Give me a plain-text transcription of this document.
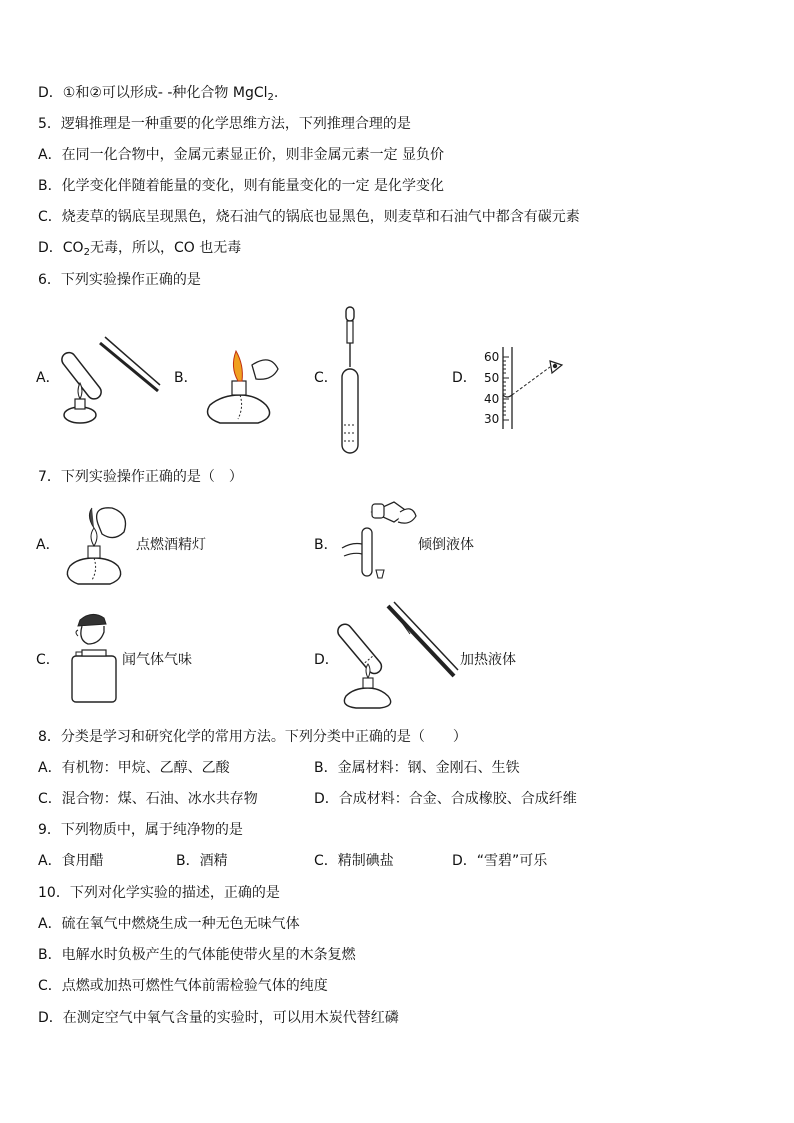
D．①和②可以形成- -种化合物 MgCl$_2$.
5．逻辑推理是一种重要的化学思维方法，下列推理合理的是
A．在同一化合物中，金属元素显正价，则非金属元素一定 显负价
B．化学变化伴随着能量的变化，则有能量变化的一定 是化学变化
C．烧麦草的锅底呈现黑色，烧石油气的锅底也显黑色，则麦草和石油气中都含有碳元素
D．$CO_2$无毒，所以，CO 也无毒
6．下列实验操作正确的是
A．	B．	C．	D．
60
50
40
30
7．下列实验操作正确的是（　）
A．	点燃酒精灯	B．	倾倒液体
C．	闻气体气味	D．	加热液体
8．分类是学习和研究化学的常用方法。下列分类中正确的是（　　）
A．有机物：甲烷、乙醇、乙酸	B．金属材料：钢、金刚石、生铁
C．混合物：煤、石油、冰水共存物	D．合成材料：合金、合成橡胶、合成纤维
9．下列物质中，属于纯净物的是
A．食用醋	B．酒精	C．精制碘盐	D．“雪碧”可乐
10．下列对化学实验的描述，正确的是
A．硫在氧气中燃烧生成一种无色无味气体
B．电解水时负极产生的气体能使带火星的木条复燃
C．点燃或加热可燃性气体前需检验气体的纯度
D．在测定空气中氧气含量的实验时，可以用木炭代替红磷
